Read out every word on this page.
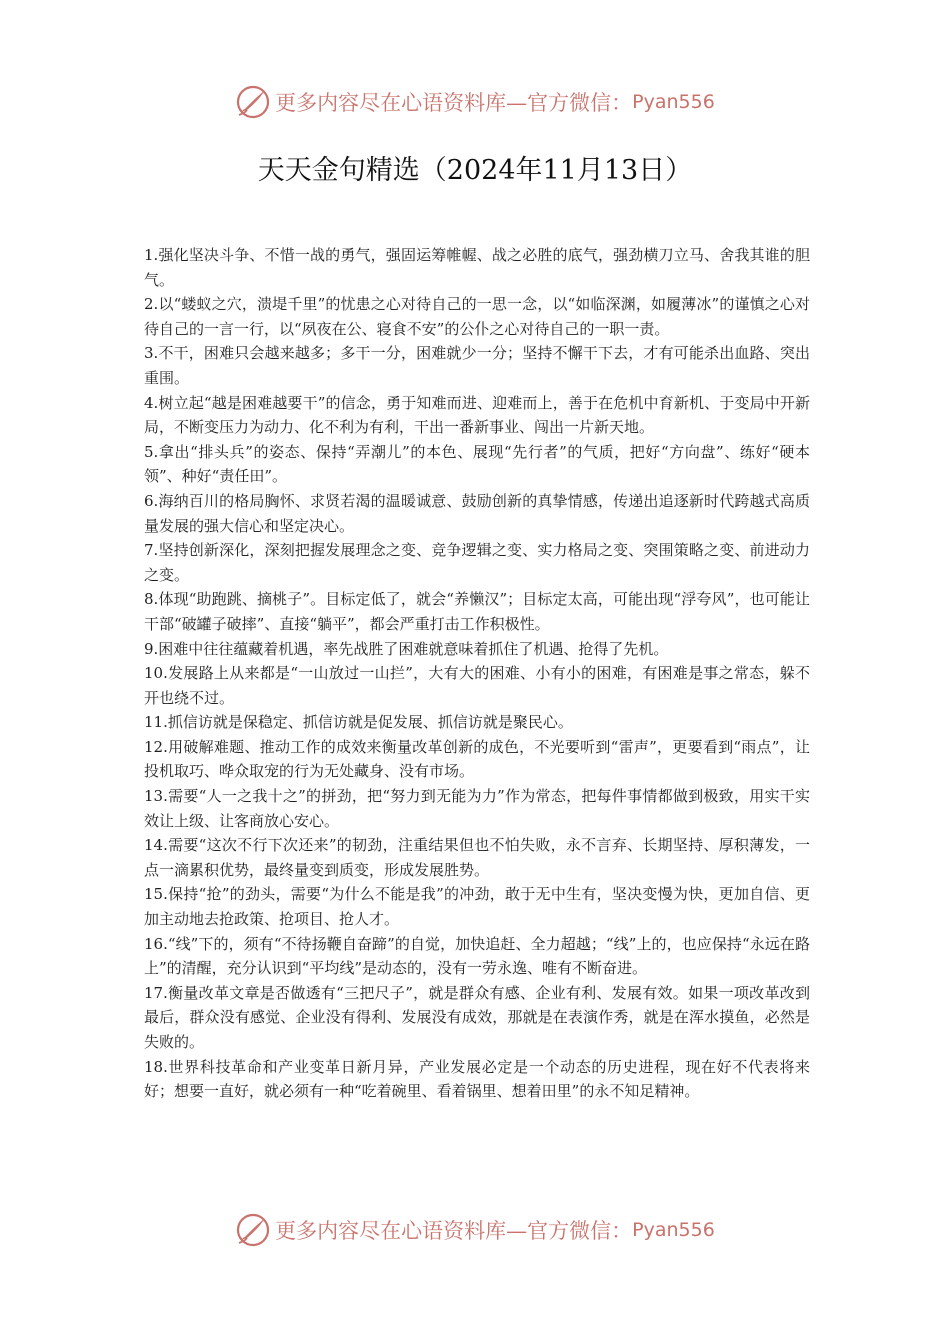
更多内容尽在心语资料库—官方微信： Pyan556
天天金句精选（2024年11月13日）

1.强化坚决斗争、不惜一战的勇气，强固运筹帷幄、战之必胜的底气，强劲横刀立马、舍我其谁的胆气。

2.以“蝼蚁之穴，溃堤千里”的忧患之心对待自己的一思一念，以“如临深渊，如履薄冰”的谨慎之心对待自己的一言一行，以“夙夜在公、寝食不安”的公仆之心对待自己的一职一责。

3.不干，困难只会越来越多；多干一分，困难就少一分；坚持不懈干下去，才有可能杀出血路、突出重围。

4.树立起“越是困难越要干”的信念，勇于知难而进、迎难而上，善于在危机中育新机、于变局中开新局，不断变压力为动力、化不利为有利，干出一番新事业、闯出一片新天地。

5.拿出“排头兵”的姿态、保持“弄潮儿”的本色、展现“先行者”的气质，把好“方向盘”、练好“硬本领”、种好“责任田”。

6.海纳百川的格局胸怀、求贤若渴的温暖诚意、鼓励创新的真挚情感，传递出追逐新时代跨越式高质量发展的强大信心和坚定决心。

7.坚持创新深化，深刻把握发展理念之变、竞争逻辑之变、实力格局之变、突围策略之变、前进动力之变。

8.体现“助跑跳、摘桃子”。目标定低了，就会“养懒汉”；目标定太高，可能出现“浮夸风”，也可能让干部“破罐子破摔”、直接“躺平”，都会严重打击工作积极性。

9.困难中往往蕴藏着机遇，率先战胜了困难就意味着抓住了机遇、抢得了先机。

10.发展路上从来都是“一山放过一山拦”，大有大的困难、小有小的困难，有困难是事之常态，躲不开也绕不过。

11.抓信访就是保稳定、抓信访就是促发展、抓信访就是聚民心。

12.用破解难题、推动工作的成效来衡量改革创新的成色，不光要听到“雷声”，更要看到“雨点”，让投机取巧、哗众取宠的行为无处藏身、没有市场。

13.需要“人一之我十之”的拼劲，把“努力到无能为力”作为常态，把每件事情都做到极致，用实干实效让上级、让客商放心安心。

14.需要“这次不行下次还来”的韧劲，注重结果但也不怕失败，永不言弃、长期坚持、厚积薄发，一点一滴累积优势，最终量变到质变，形成发展胜势。

15.保持“抢”的劲头，需要“为什么不能是我”的冲劲，敢于无中生有，坚决变慢为快，更加自信、更加主动地去抢政策、抢项目、抢人才。

16.“线”下的，须有“不待扬鞭自奋蹄”的自觉，加快追赶、全力超越；“线”上的，也应保持“永远在路上”的清醒，充分认识到“平均线”是动态的，没有一劳永逸、唯有不断奋进。

17.衡量改革文章是否做透有“三把尺子”，就是群众有感、企业有利、发展有效。如果一项改革改到最后，群众没有感觉、企业没有得利、发展没有成效，那就是在表演作秀，就是在浑水摸鱼，必然是失败的。

18.世界科技革命和产业变革日新月异，产业发展必定是一个动态的历史进程，现在好不代表将来好；想要一直好，就必须有一种“吃着碗里、看着锅里、想着田里”的永不知足精神。

更多内容尽在心语资料库—官方微信： Pyan556
